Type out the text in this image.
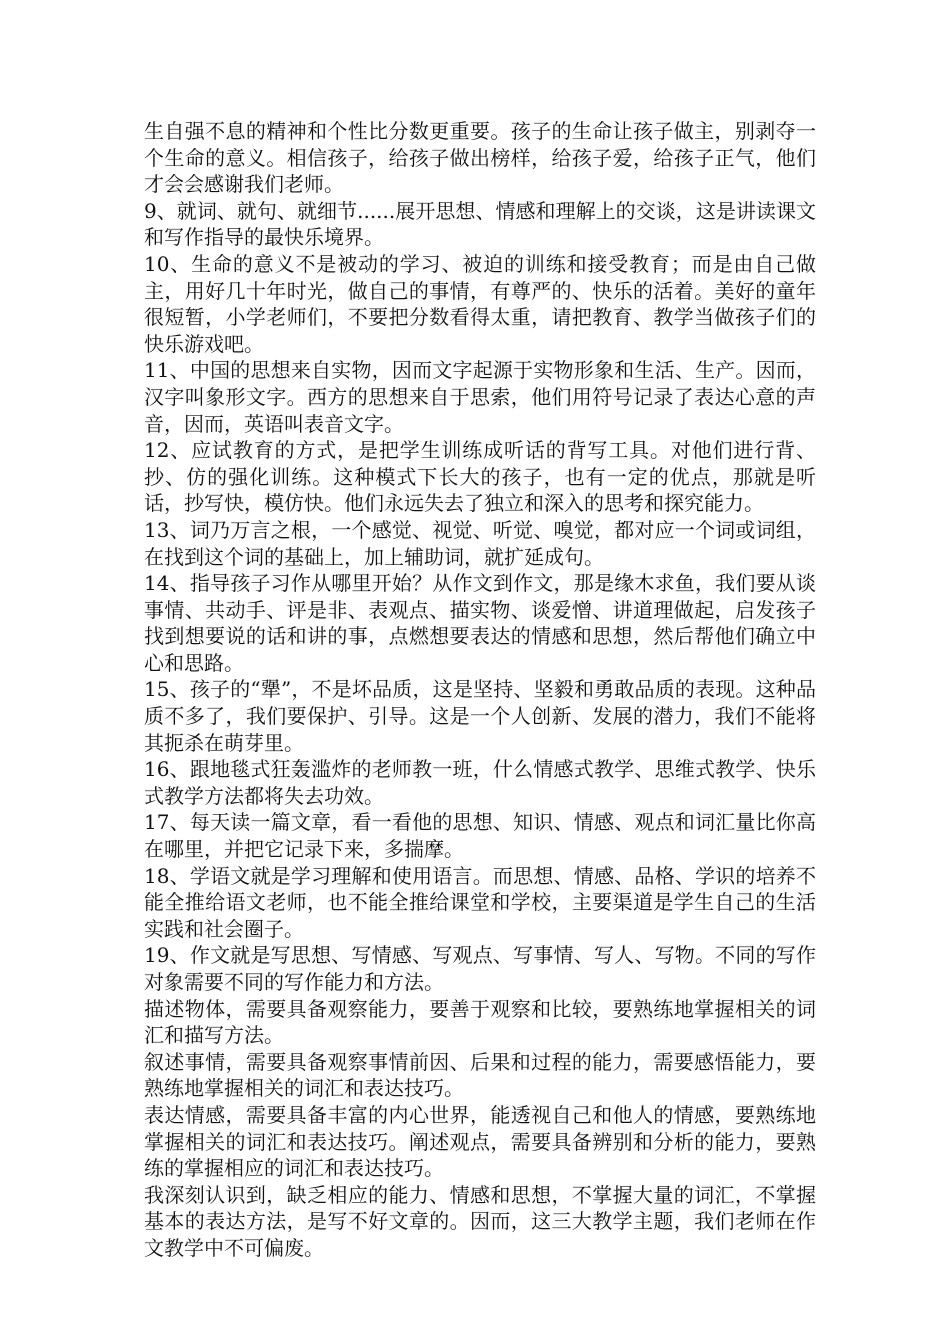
生自强不息的精神和个性比分数更重要。孩子的生命让孩子做主，别剥夺一个生命的意义。相信孩子，给孩子做出榜样，给孩子爱，给孩子正气，他们才会会感谢我们老师。

9、就词、就句、就细节......展开思想、情感和理解上的交谈，这是讲读课文和写作指导的最快乐境界。

10、生命的意义不是被动的学习、被迫的训练和接受教育；而是由自己做主，用好几十年时光，做自己的事情，有尊严的、快乐的活着。美好的童年很短暂，小学老师们，不要把分数看得太重，请把教育、教学当做孩子们的快乐游戏吧。

11、中国的思想来自实物，因而文字起源于实物形象和生活、生产。因而，汉字叫象形文字。西方的思想来自于思索，他们用符号记录了表达心意的声音，因而，英语叫表音文字。

12、应试教育的方式，是把学生训练成听话的背写工具。对他们进行背、抄、仿的强化训练。这种模式下长大的孩子，也有一定的优点，那就是听话，抄写快，模仿快。他们永远失去了独立和深入的思考和探究能力。

13、词乃万言之根，一个感觉、视觉、听觉、嗅觉，都对应一个词或词组，在找到这个词的基础上，加上辅助词，就扩延成句。

14、指导孩子习作从哪里开始？从作文到作文，那是缘木求鱼，我们要从谈事情、共动手、评是非、表观点、描实物、谈爱憎、讲道理做起，启发孩子找到想要说的话和讲的事，点燃想要表达的情感和思想，然后帮他们确立中心和思路。

15、孩子的“犟”，不是坏品质，这是坚持、坚毅和勇敢品质的表现。这种品质不多了，我们要保护、引导。这是一个人创新、发展的潜力，我们不能将其扼杀在萌芽里。

16、跟地毯式狂轰滥炸的老师教一班，什么情感式教学、思维式教学、快乐式教学方法都将失去功效。

17、每天读一篇文章，看一看他的思想、知识、情感、观点和词汇量比你高在哪里，并把它记录下来，多揣摩。

18、学语文就是学习理解和使用语言。而思想、情感、品格、学识的培养不能全推给语文老师，也不能全推给课堂和学校，主要渠道是学生自己的生活实践和社会圈子。

19、作文就是写思想、写情感、写观点、写事情、写人、写物。不同的写作对象需要不同的写作能力和方法。

描述物体，需要具备观察能力，要善于观察和比较，要熟练地掌握相关的词汇和描写方法。

叙述事情，需要具备观察事情前因、后果和过程的能力，需要感悟能力，要熟练地掌握相关的词汇和表达技巧。

表达情感，需要具备丰富的内心世界，能透视自己和他人的情感，要熟练地掌握相关的词汇和表达技巧。阐述观点，需要具备辨别和分析的能力，要熟练的掌握相应的词汇和表达技巧。

我深刻认识到，缺乏相应的能力、情感和思想，不掌握大量的词汇，不掌握基本的表达方法，是写不好文章的。因而，这三大教学主题，我们老师在作文教学中不可偏废。
